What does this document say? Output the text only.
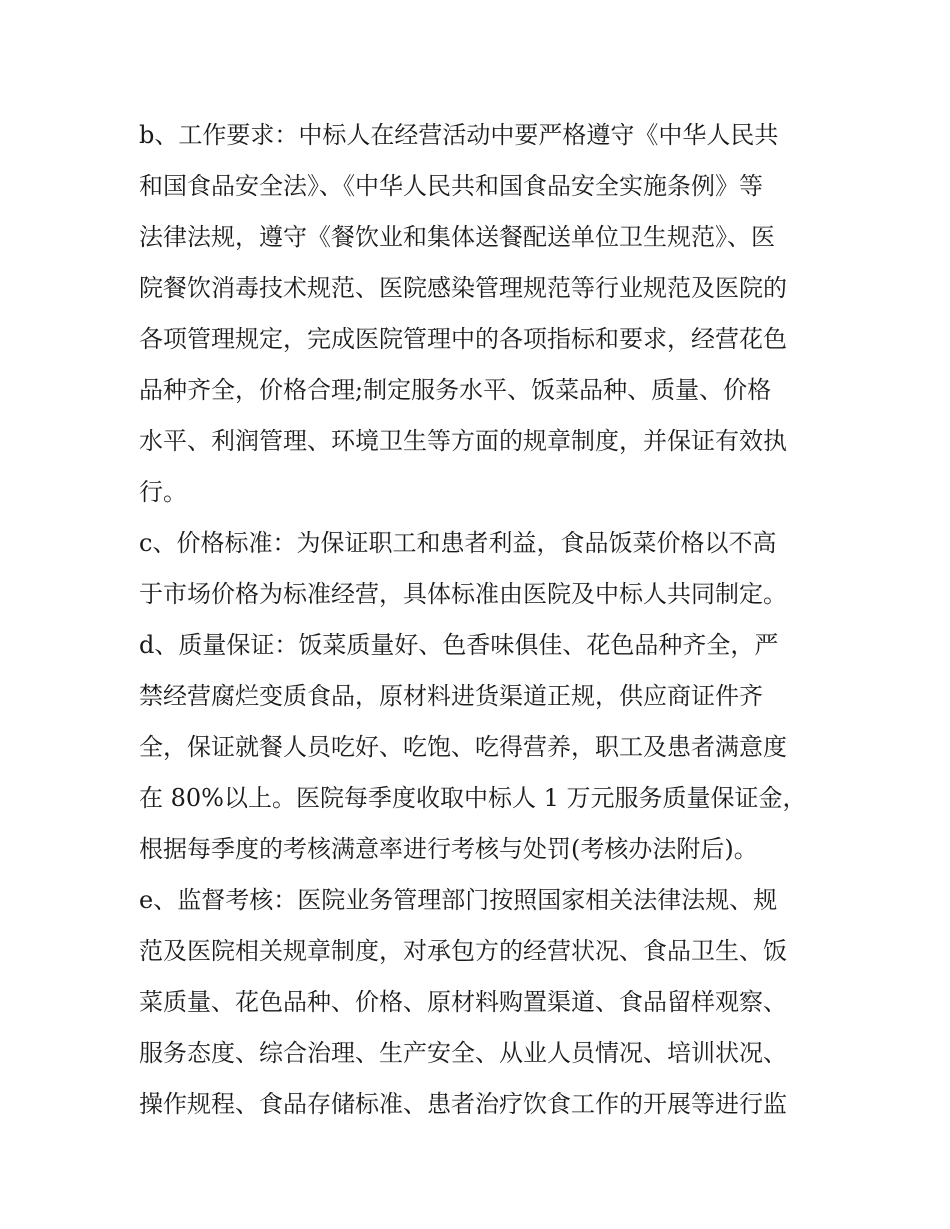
b、工作要求：中标人在经营活动中要严格遵守《中华人民共
和国食品安全法》、《中华人民共和国食品安全实施条例》等
法律法规，遵守《餐饮业和集体送餐配送单位卫生规范》、医
院餐饮消毒技术规范、医院感染管理规范等行业规范及医院的
各项管理规定，完成医院管理中的各项指标和要求，经营花色
品种齐全，价格合理;制定服务水平、饭菜品种、质量、价格
水平、利润管理、环境卫生等方面的规章制度，并保证有效执
行。
c、价格标准：为保证职工和患者利益，食品饭菜价格以不高
于市场价格为标准经营，具体标准由医院及中标人共同制定。
d、质量保证：饭菜质量好、色香味俱佳、花色品种齐全，严
禁经营腐烂变质食品，原材料进货渠道正规，供应商证件齐
全，保证就餐人员吃好、吃饱、吃得营养，职工及患者满意度
在 80%以上。医院每季度收取中标人 1 万元服务质量保证金，
根据每季度的考核满意率进行考核与处罚(考核办法附后)。
e、监督考核：医院业务管理部门按照国家相关法律法规、规
范及医院相关规章制度，对承包方的经营状况、食品卫生、饭
菜质量、花色品种、价格、原材料购置渠道、食品留样观察、
服务态度、综合治理、生产安全、从业人员情况、培训状况、
操作规程、食品存储标准、患者治疗饮食工作的开展等进行监
